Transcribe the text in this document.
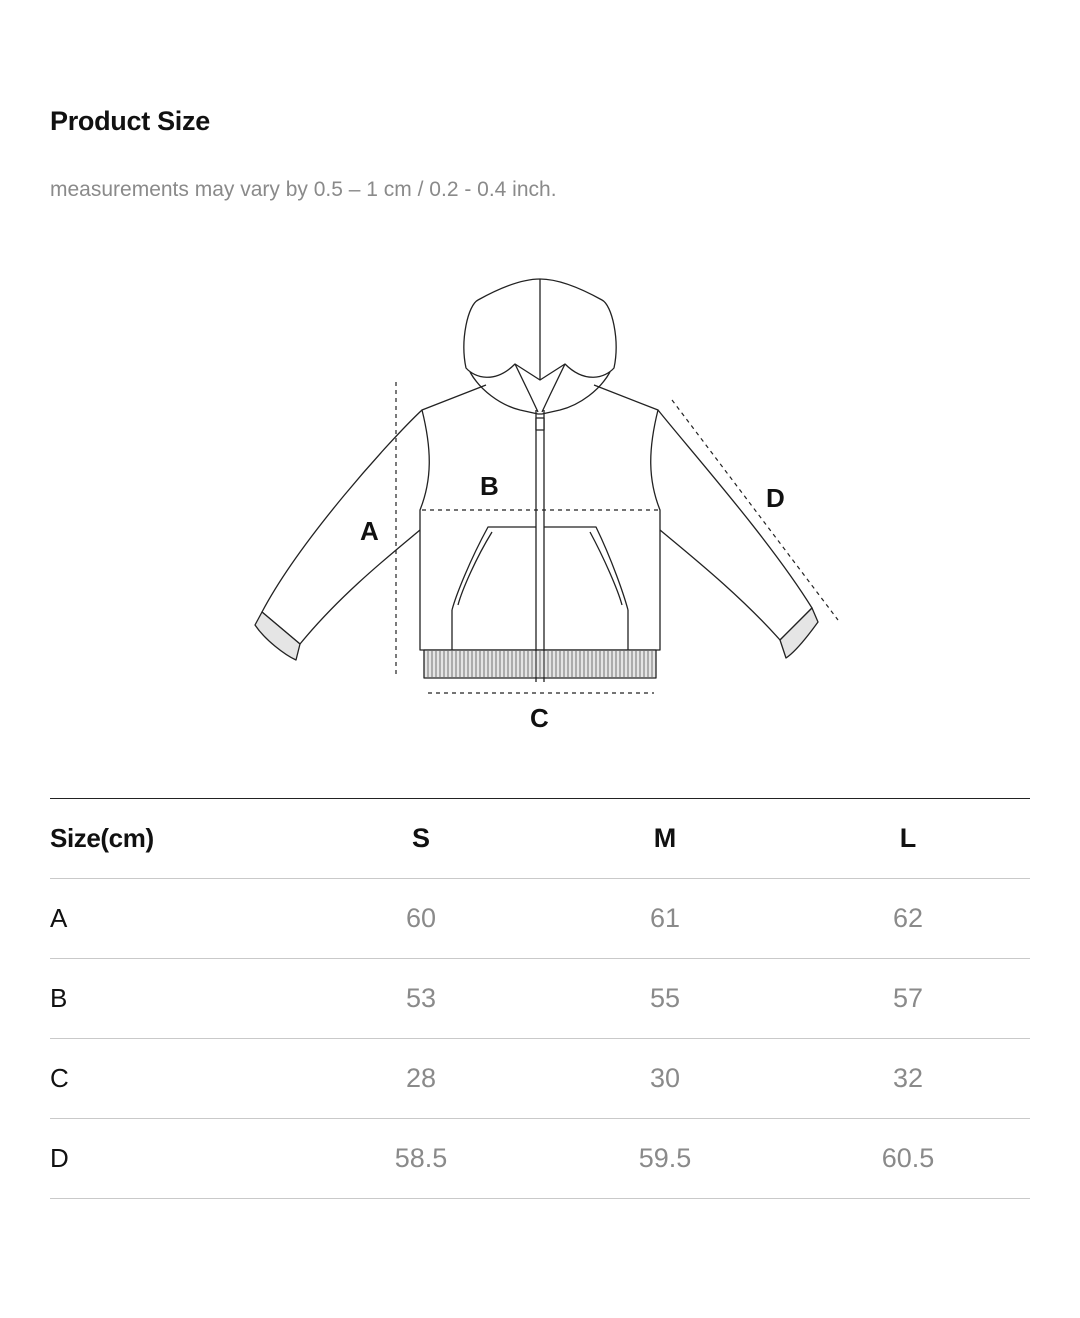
Product Size
measurements may vary by 0.5 – 1 cm / 0.2 - 0.4 inch.
A
B
C
D
Size(cm)	S	M	L
A	60	61	62
B	53	55	57
C	28	30	32
D	58.5	59.5	60.5
